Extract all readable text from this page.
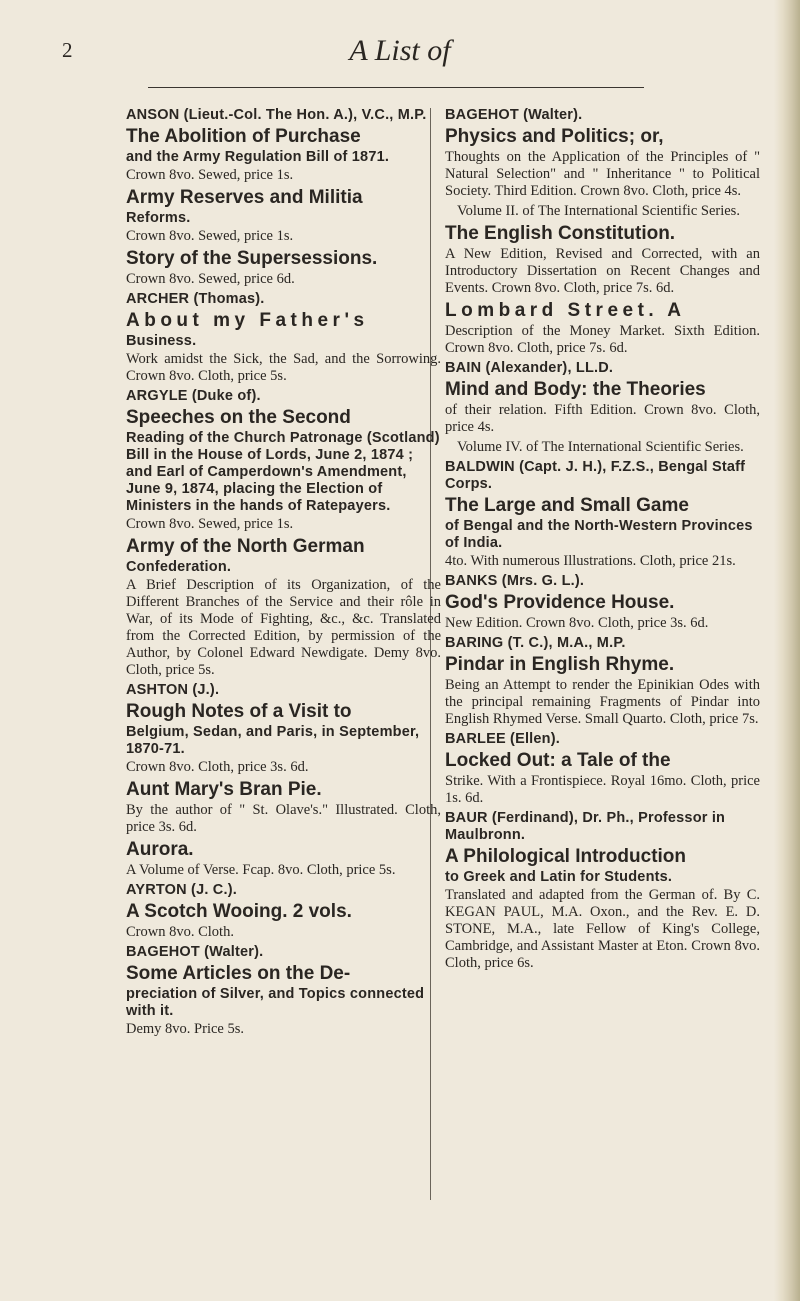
2	A List of
ANSON (Lieut.-Col. The Hon. A.), V.C., M.P.
The Abolition of Purchase
and the Army Regulation Bill of 1871.
Crown 8vo. Sewed, price 1s.
Army Reserves and Militia
Reforms.
Crown 8vo. Sewed, price 1s.
Story of the Supersessions.
Crown 8vo. Sewed, price 6d.
ARCHER (Thomas).
About my Father's
Business.
Work amidst the Sick, the Sad, and the Sorrowing. Crown 8vo. Cloth, price 5s.
ARGYLE (Duke of).
Speeches on the Second
Reading of the Church Patronage (Scotland) Bill in the House of Lords, June 2, 1874 ; and Earl of Camperdown's Amendment, June 9, 1874, placing the Election of Ministers in the hands of Ratepayers.
Crown 8vo. Sewed, price 1s.
Army of the North German
Confederation.
A Brief Description of its Organization, of the Different Branches of the Service and their rôle in War, of its Mode of Fighting, &c., &c. Translated from the Corrected Edition, by permission of the Author, by Colonel Edward Newdigate. Demy 8vo. Cloth, price 5s.
ASHTON (J.).
Rough Notes of a Visit to
Belgium, Sedan, and Paris, in September, 1870-71.
Crown 8vo. Cloth, price 3s. 6d.
Aunt Mary's Bran Pie.
By the author of " St. Olave's." Illustrated. Cloth, price 3s. 6d.
Aurora.
A Volume of Verse. Fcap. 8vo. Cloth, price 5s.
AYRTON (J. C.).
A Scotch Wooing. 2 vols.
Crown 8vo. Cloth.
BAGEHOT (Walter).
Some Articles on the De-
preciation of Silver, and Topics connected with it.
Demy 8vo. Price 5s.
BAGEHOT (Walter).
Physics and Politics; or,
Thoughts on the Application of the Principles of " Natural Selection" and " Inheritance " to Political Society. Third Edition. Crown 8vo. Cloth, price 4s.
Volume II. of The International Scientific Series.
The English Constitution.
A New Edition, Revised and Corrected, with an Introductory Dissertation on Recent Changes and Events. Crown 8vo. Cloth, price 7s. 6d.
Lombard Street. A
Description of the Money Market. Sixth Edition. Crown 8vo. Cloth, price 7s. 6d.
BAIN (Alexander), LL.D.
Mind and Body: the Theories
of their relation. Fifth Edition. Crown 8vo. Cloth, price 4s.
Volume IV. of The International Scientific Series.
BALDWIN (Capt. J. H.), F.Z.S., Bengal Staff Corps.
The Large and Small Game
of Bengal and the North-Western Provinces of India.
4to. With numerous Illustrations. Cloth, price 21s.
BANKS (Mrs. G. L.).
God's Providence House.
New Edition. Crown 8vo. Cloth, price 3s. 6d.
BARING (T. C.), M.A., M.P.
Pindar in English Rhyme.
Being an Attempt to render the Epinikian Odes with the principal remaining Fragments of Pindar into English Rhymed Verse. Small Quarto. Cloth, price 7s.
BARLEE (Ellen).
Locked Out: a Tale of the
Strike. With a Frontispiece. Royal 16mo. Cloth, price 1s. 6d.
BAUR (Ferdinand), Dr. Ph., Professor in Maulbronn.
A Philological Introduction
to Greek and Latin for Students.
Translated and adapted from the German of. By C. KEGAN PAUL, M.A. Oxon., and the Rev. E. D. STONE, M.A., late Fellow of King's College, Cambridge, and Assistant Master at Eton. Crown 8vo. Cloth, price 6s.
